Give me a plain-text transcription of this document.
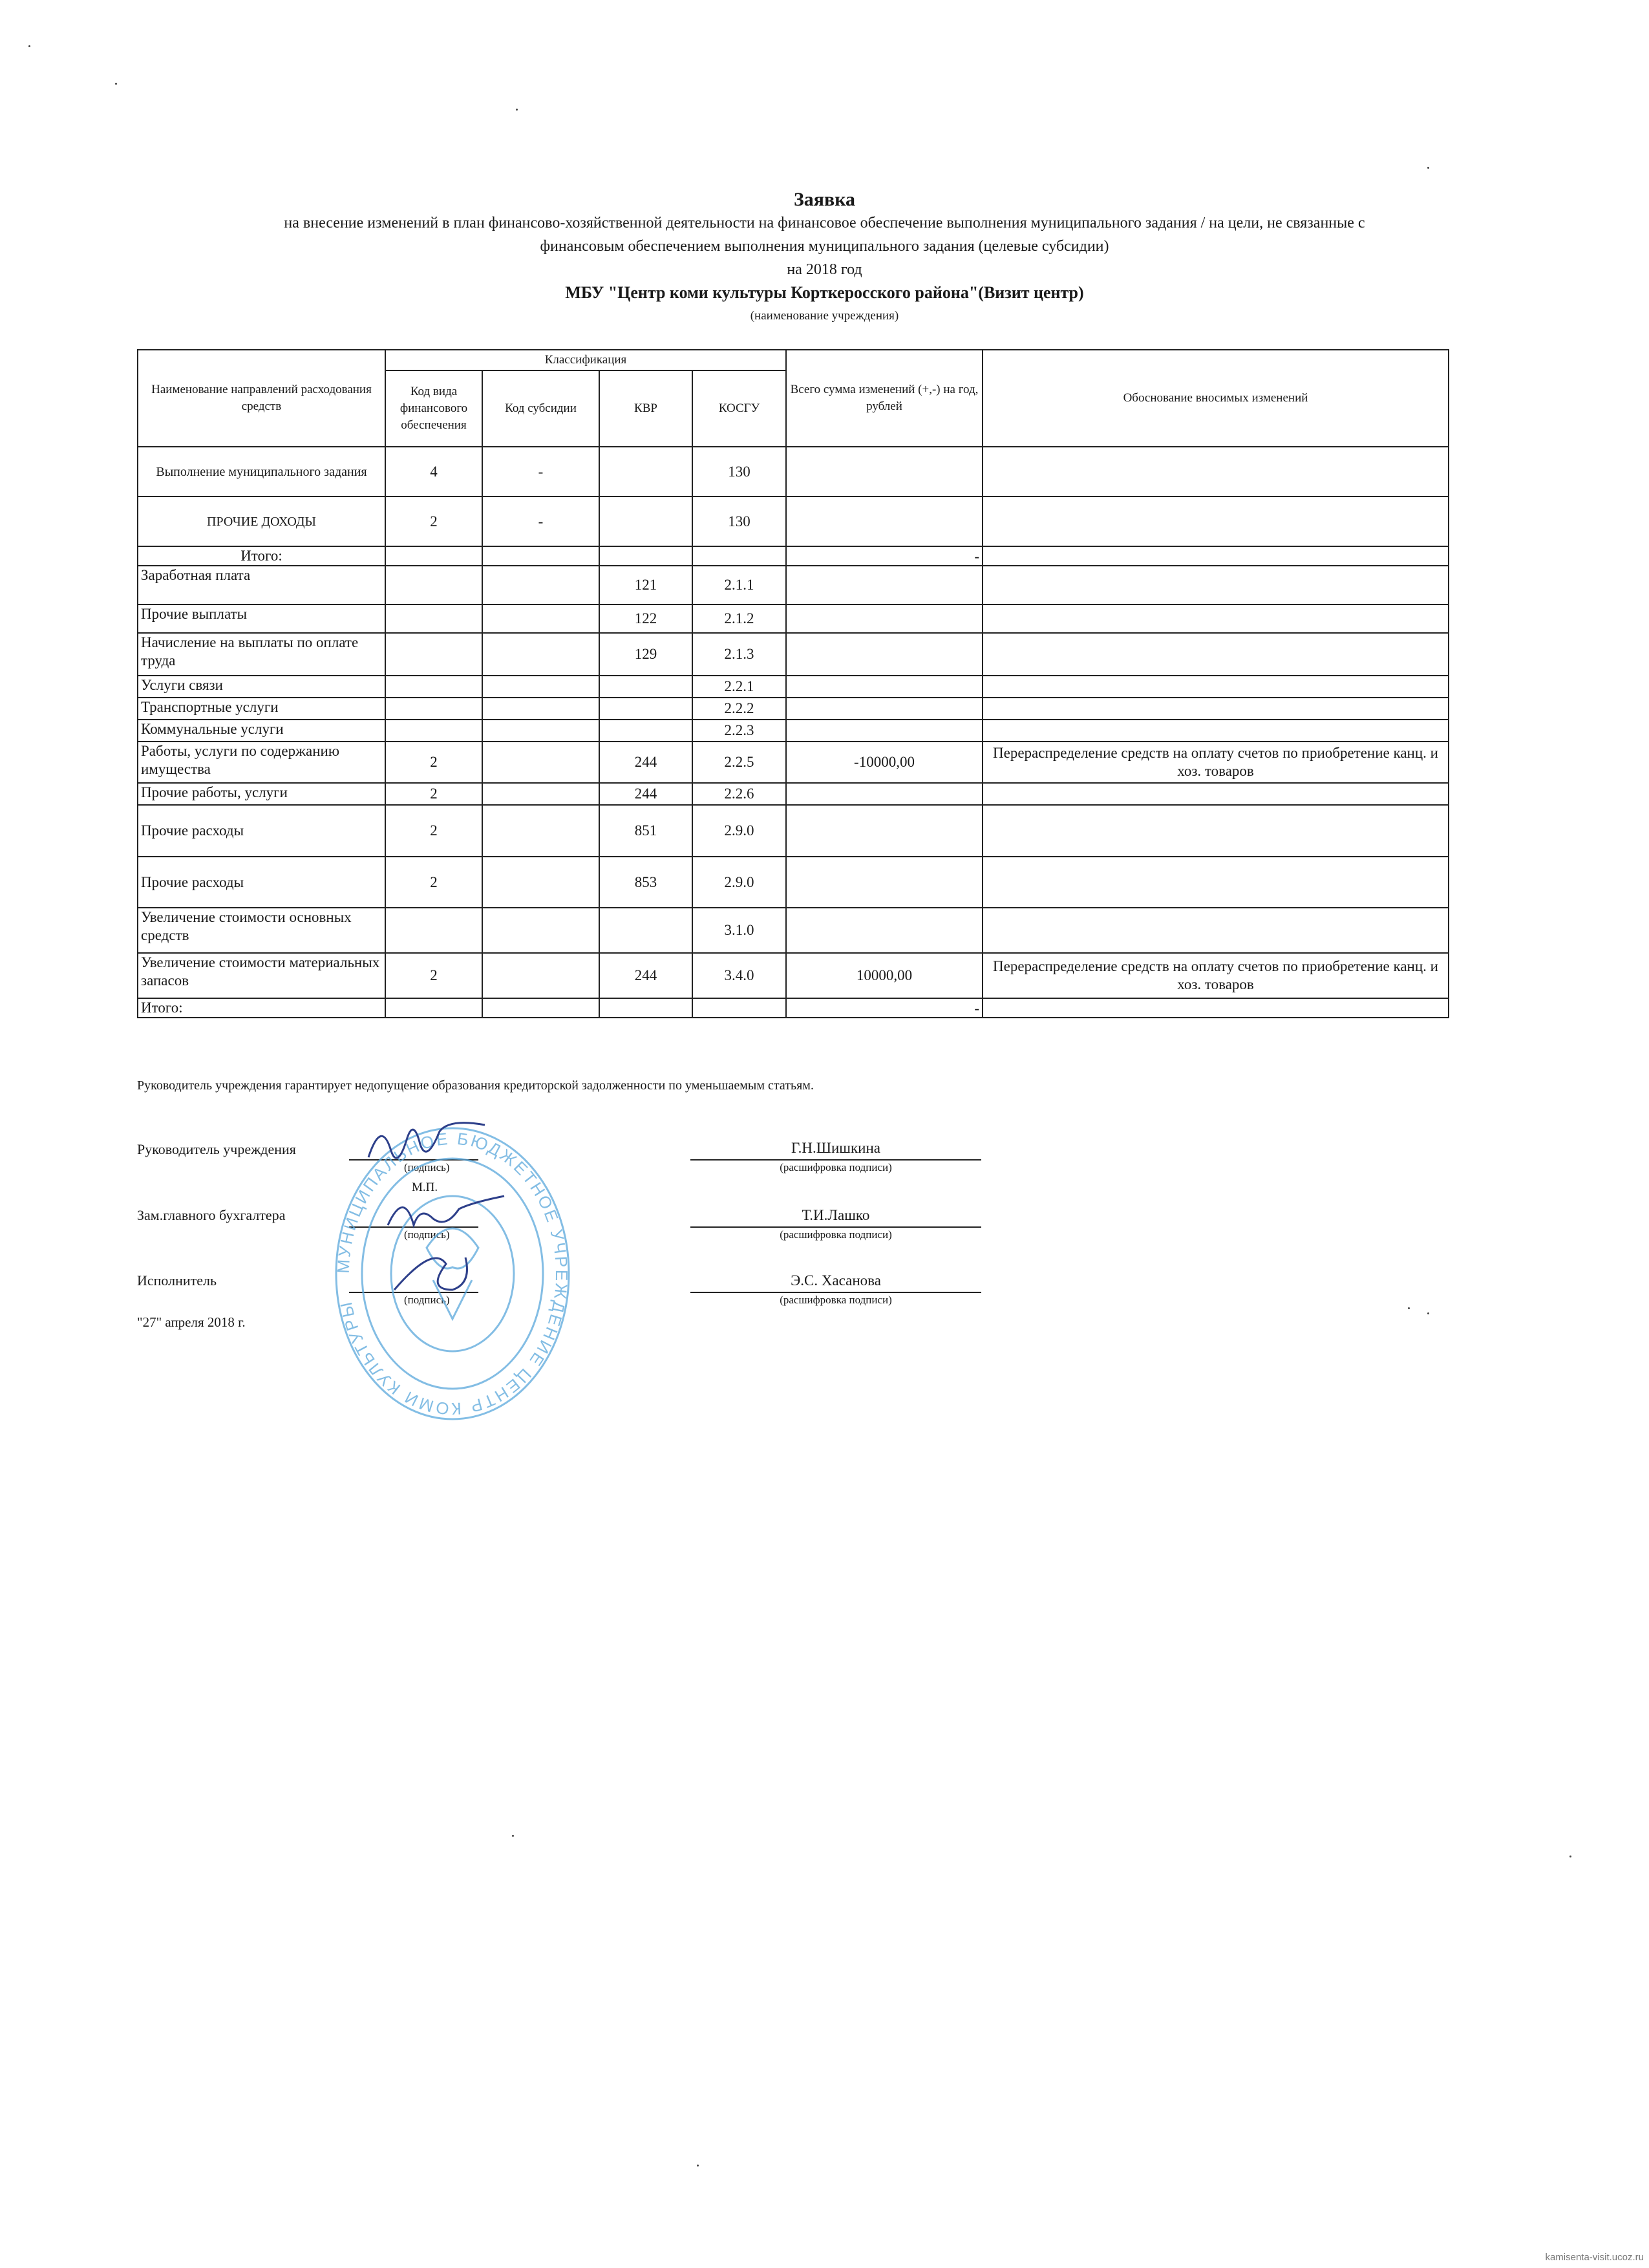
Заявка
на внесение изменений в план финансово-хозяйственной деятельности на финансовое обеспечение выполнения муниципального задания / на цели, не связанные с
финансовым обеспечением выполнения муниципального задания (целевые субсидии)
на 2018 год
МБУ "Центр коми культуры Корткеросского района"(Визит центр)
(наименование учреждения)
Наименование направлений расходования средств	Классификация				Всего сумма изменений (+,-) на год, рублей	Обоснование вносимых изменений
	Код вида финансового обеспечения	Код субсидии	КВР	КОСГУ		
Выполнение муниципального задания	4	-		130		
ПРОЧИЕ ДОХОДЫ	2	-		130		
Итого:					-	
Заработная плата			121	2.1.1		
Прочие выплаты			122	2.1.2		
Начисление на выплаты по оплате труда			129	2.1.3		
Услуги связи				2.2.1		
Транспортные услуги				2.2.2		
Коммунальные услуги				2.2.3		
Работы, услуги по содержанию имущества	2		244	2.2.5	-10000,00	Перераспределение средств на оплату счетов по приобретение канц. и хоз. товаров
Прочие работы, услуги	2		244	2.2.6		
Прочие расходы	2		851	2.9.0		
Прочие расходы	2		853	2.9.0		
Увеличение стоимости основных средств				3.1.0		
Увеличение стоимости материальных запасов	2		244	3.4.0	10000,00	Перераспределение средств на оплату счетов по приобретение канц. и хоз. товаров
Итого:					-	
Руководитель учреждения гарантирует недопущение образования кредиторской задолженности по уменьшаемым статьям.
Руководитель учреждения
(подпись)
М.П.
Г.Н.Шишкина
(расшифровка подписи)
Зам.главного бухгалтера
(подпись)
Т.И.Лашко
(расшифровка подписи)
Исполнитель
(подпись)
Э.С. Хасанова
(расшифровка подписи)
"27" апреля 2018 г.
МУНИЦИПАЛЬНОЕ БЮДЖЕТНОЕ УЧРЕЖДЕНИЕ ЦЕНТР КОМИ КУЛЬТУРЫ
kamisenta-visit.ucoz.ru
